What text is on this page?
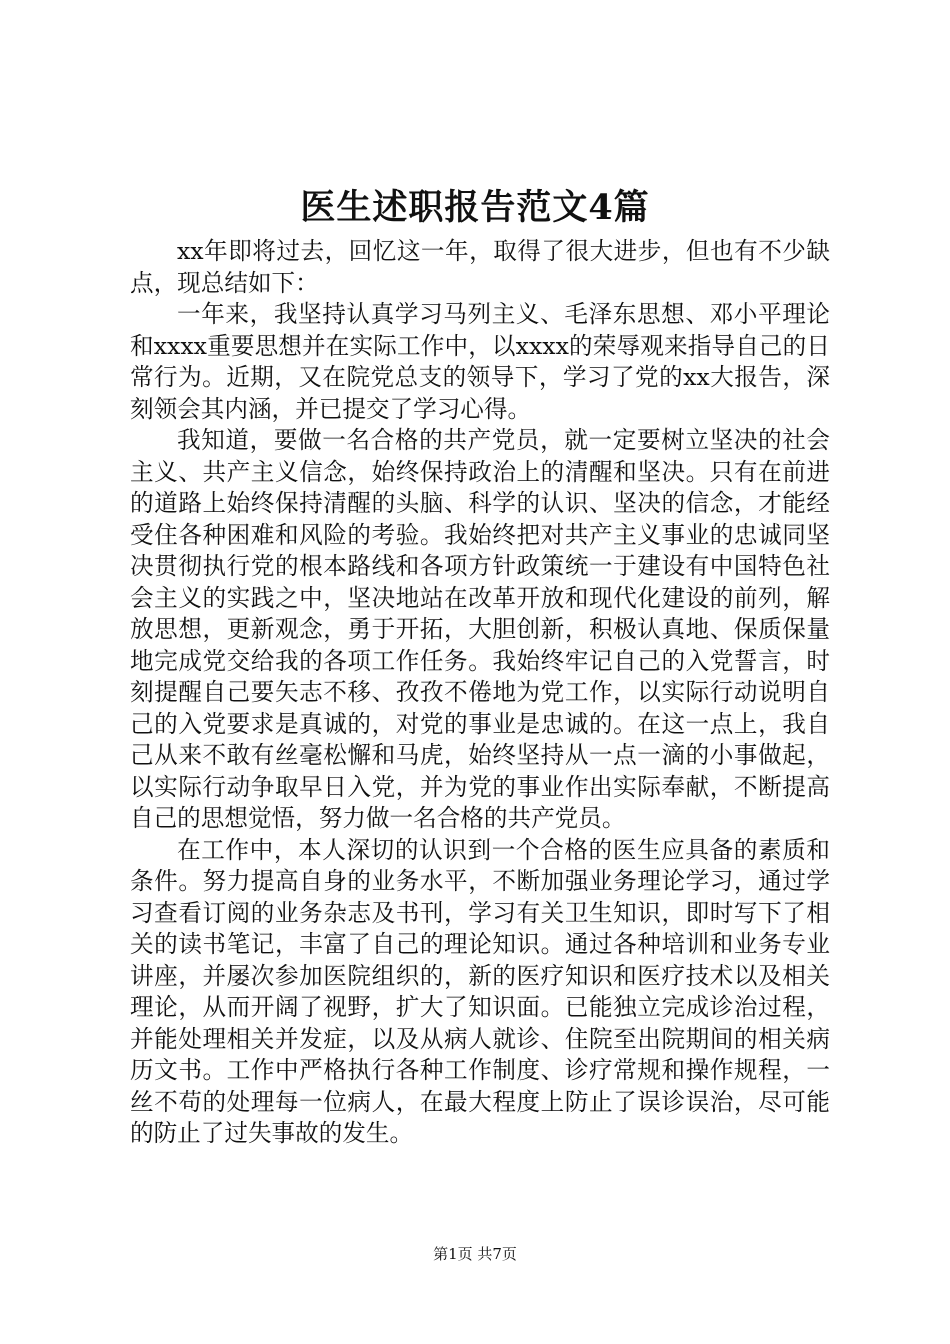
医生述职报告范文4篇

xx年即将过去，回忆这一年，取得了很大进步，但也有不少缺点，现总结如下：

一年来，我坚持认真学习马列主义、毛泽东思想、邓小平理论和xxxx重要思想并在实际工作中，以xxxx的荣辱观来指导自己的日常行为。近期，又在院党总支的领导下，学习了党的xx大报告，深刻领会其内涵，并已提交了学习心得。

我知道，要做一名合格的共产党员，就一定要树立坚决的社会主义、共产主义信念，始终保持政治上的清醒和坚决。只有在前进的道路上始终保持清醒的头脑、科学的认识、坚决的信念，才能经受住各种困难和风险的考验。我始终把对共产主义事业的忠诚同坚决贯彻执行党的根本路线和各项方针政策统一于建设有中国特色社会主义的实践之中，坚决地站在改革开放和现代化建设的前列，解放思想，更新观念，勇于开拓，大胆创新，积极认真地、保质保量地完成党交给我的各项工作任务。我始终牢记自己的入党誓言，时刻提醒自己要矢志不移、孜孜不倦地为党工作，以实际行动说明自己的入党要求是真诚的，对党的事业是忠诚的。在这一点上，我自己从来不敢有丝毫松懈和马虎，始终坚持从一点一滴的小事做起，以实际行动争取早日入党，并为党的事业作出实际奉献，不断提高自己的思想觉悟，努力做一名合格的共产党员。

在工作中，本人深切的认识到一个合格的医生应具备的素质和条件。努力提高自身的业务水平，不断加强业务理论学习，通过学习查看订阅的业务杂志及书刊，学习有关卫生知识，即时写下了相关的读书笔记，丰富了自己的理论知识。通过各种培训和业务专业讲座，并屡次参加医院组织的，新的医疗知识和医疗技术以及相关理论，从而开阔了视野，扩大了知识面。已能独立完成诊治过程，并能处理相关并发症，以及从病人就诊、住院至出院期间的相关病历文书。工作中严格执行各种工作制度、诊疗常规和操作规程，一丝不苟的处理每一位病人，在最大程度上防止了误诊误治，尽可能的防止了过失事故的发生。

第1页 共7页
